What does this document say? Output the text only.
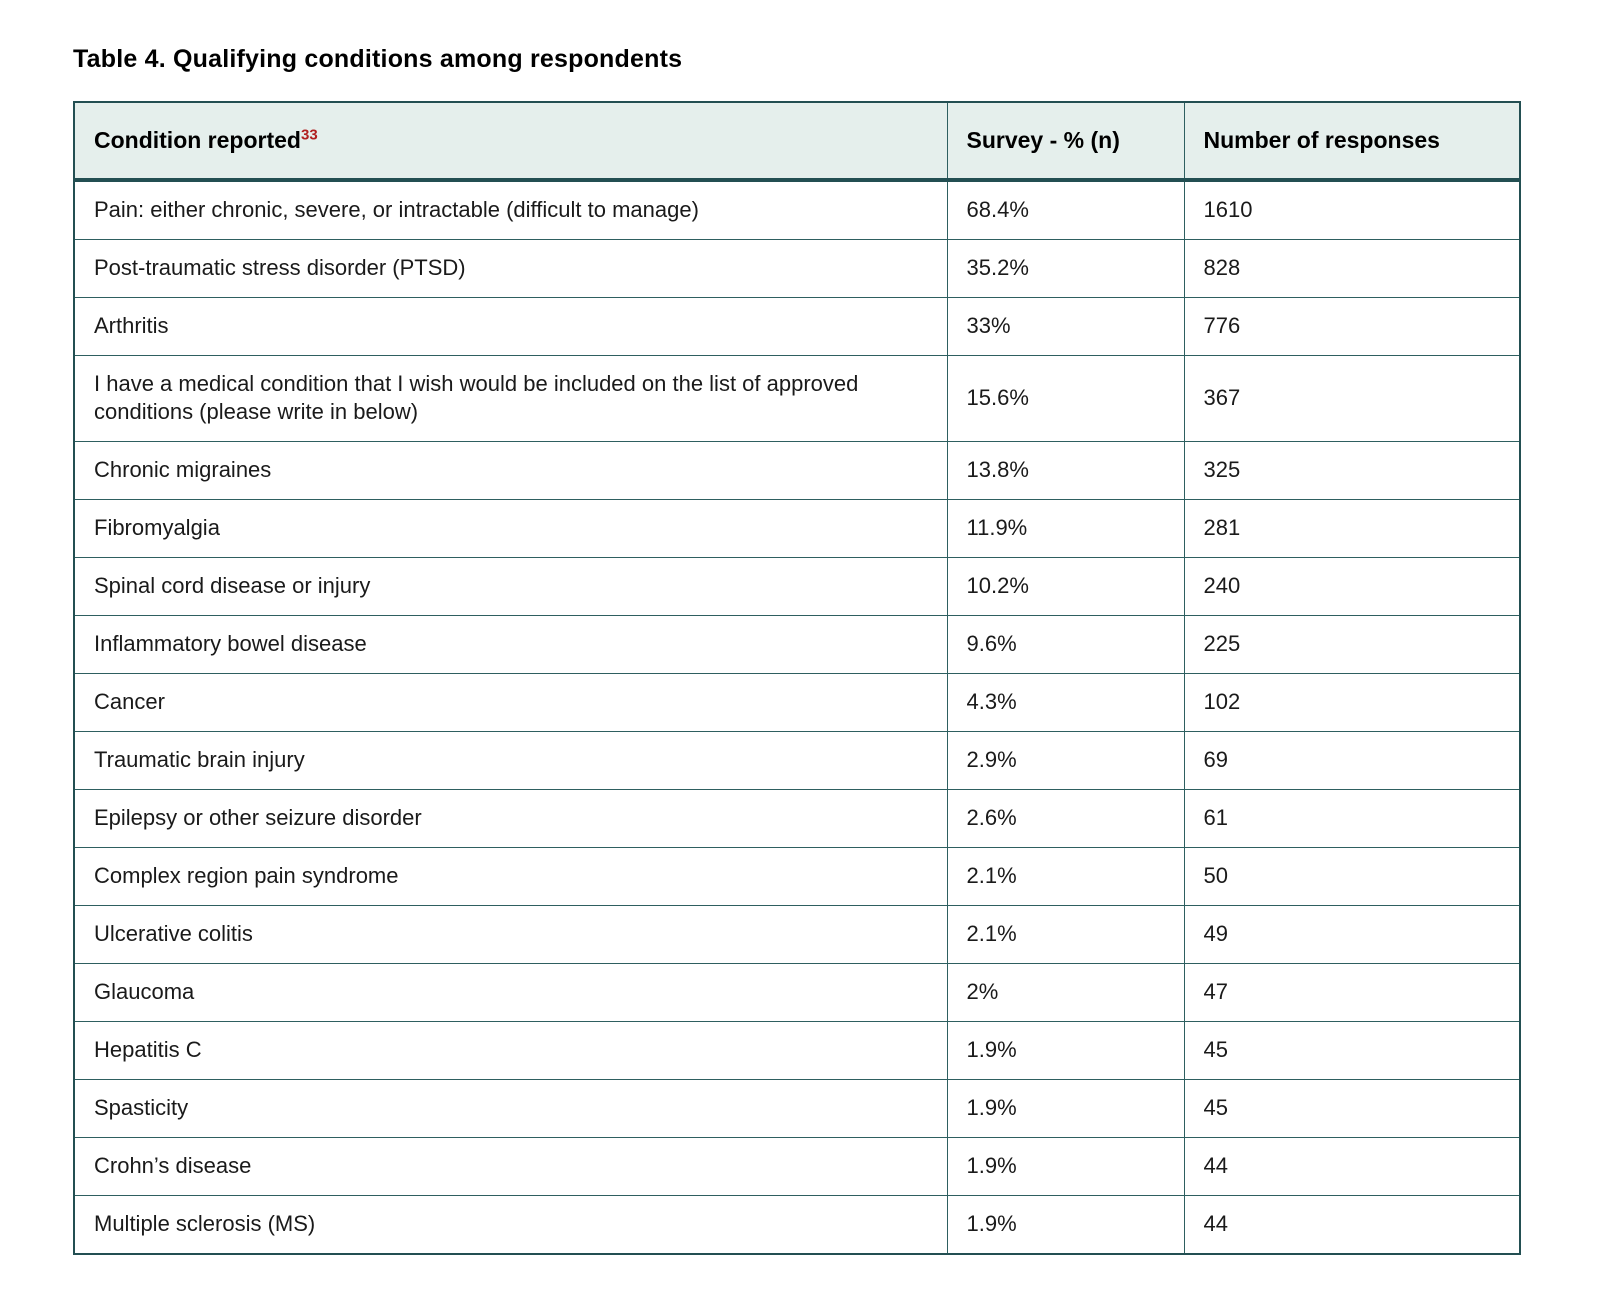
Table 4. Qualifying conditions among respondents
Condition reported$^{33}$	Survey - % (n)	Number of responses
Pain: either chronic, severe, or intractable (difficult to manage)	68.4%	1610
Post-traumatic stress disorder (PTSD)	35.2%	828
Arthritis	33%	776
I have a medical condition that I wish would be included on the list of approved conditions (please write in below)	15.6%	367
Chronic migraines	13.8%	325
Fibromyalgia	11.9%	281
Spinal cord disease or injury	10.2%	240
Inflammatory bowel disease	9.6%	225
Cancer	4.3%	102
Traumatic brain injury	2.9%	69
Epilepsy or other seizure disorder	2.6%	61
Complex region pain syndrome	2.1%	50
Ulcerative colitis	2.1%	49
Glaucoma	2%	47
Hepatitis C	1.9%	45
Spasticity	1.9%	45
Crohn’s disease	1.9%	44
Multiple sclerosis (MS)	1.9%	44
